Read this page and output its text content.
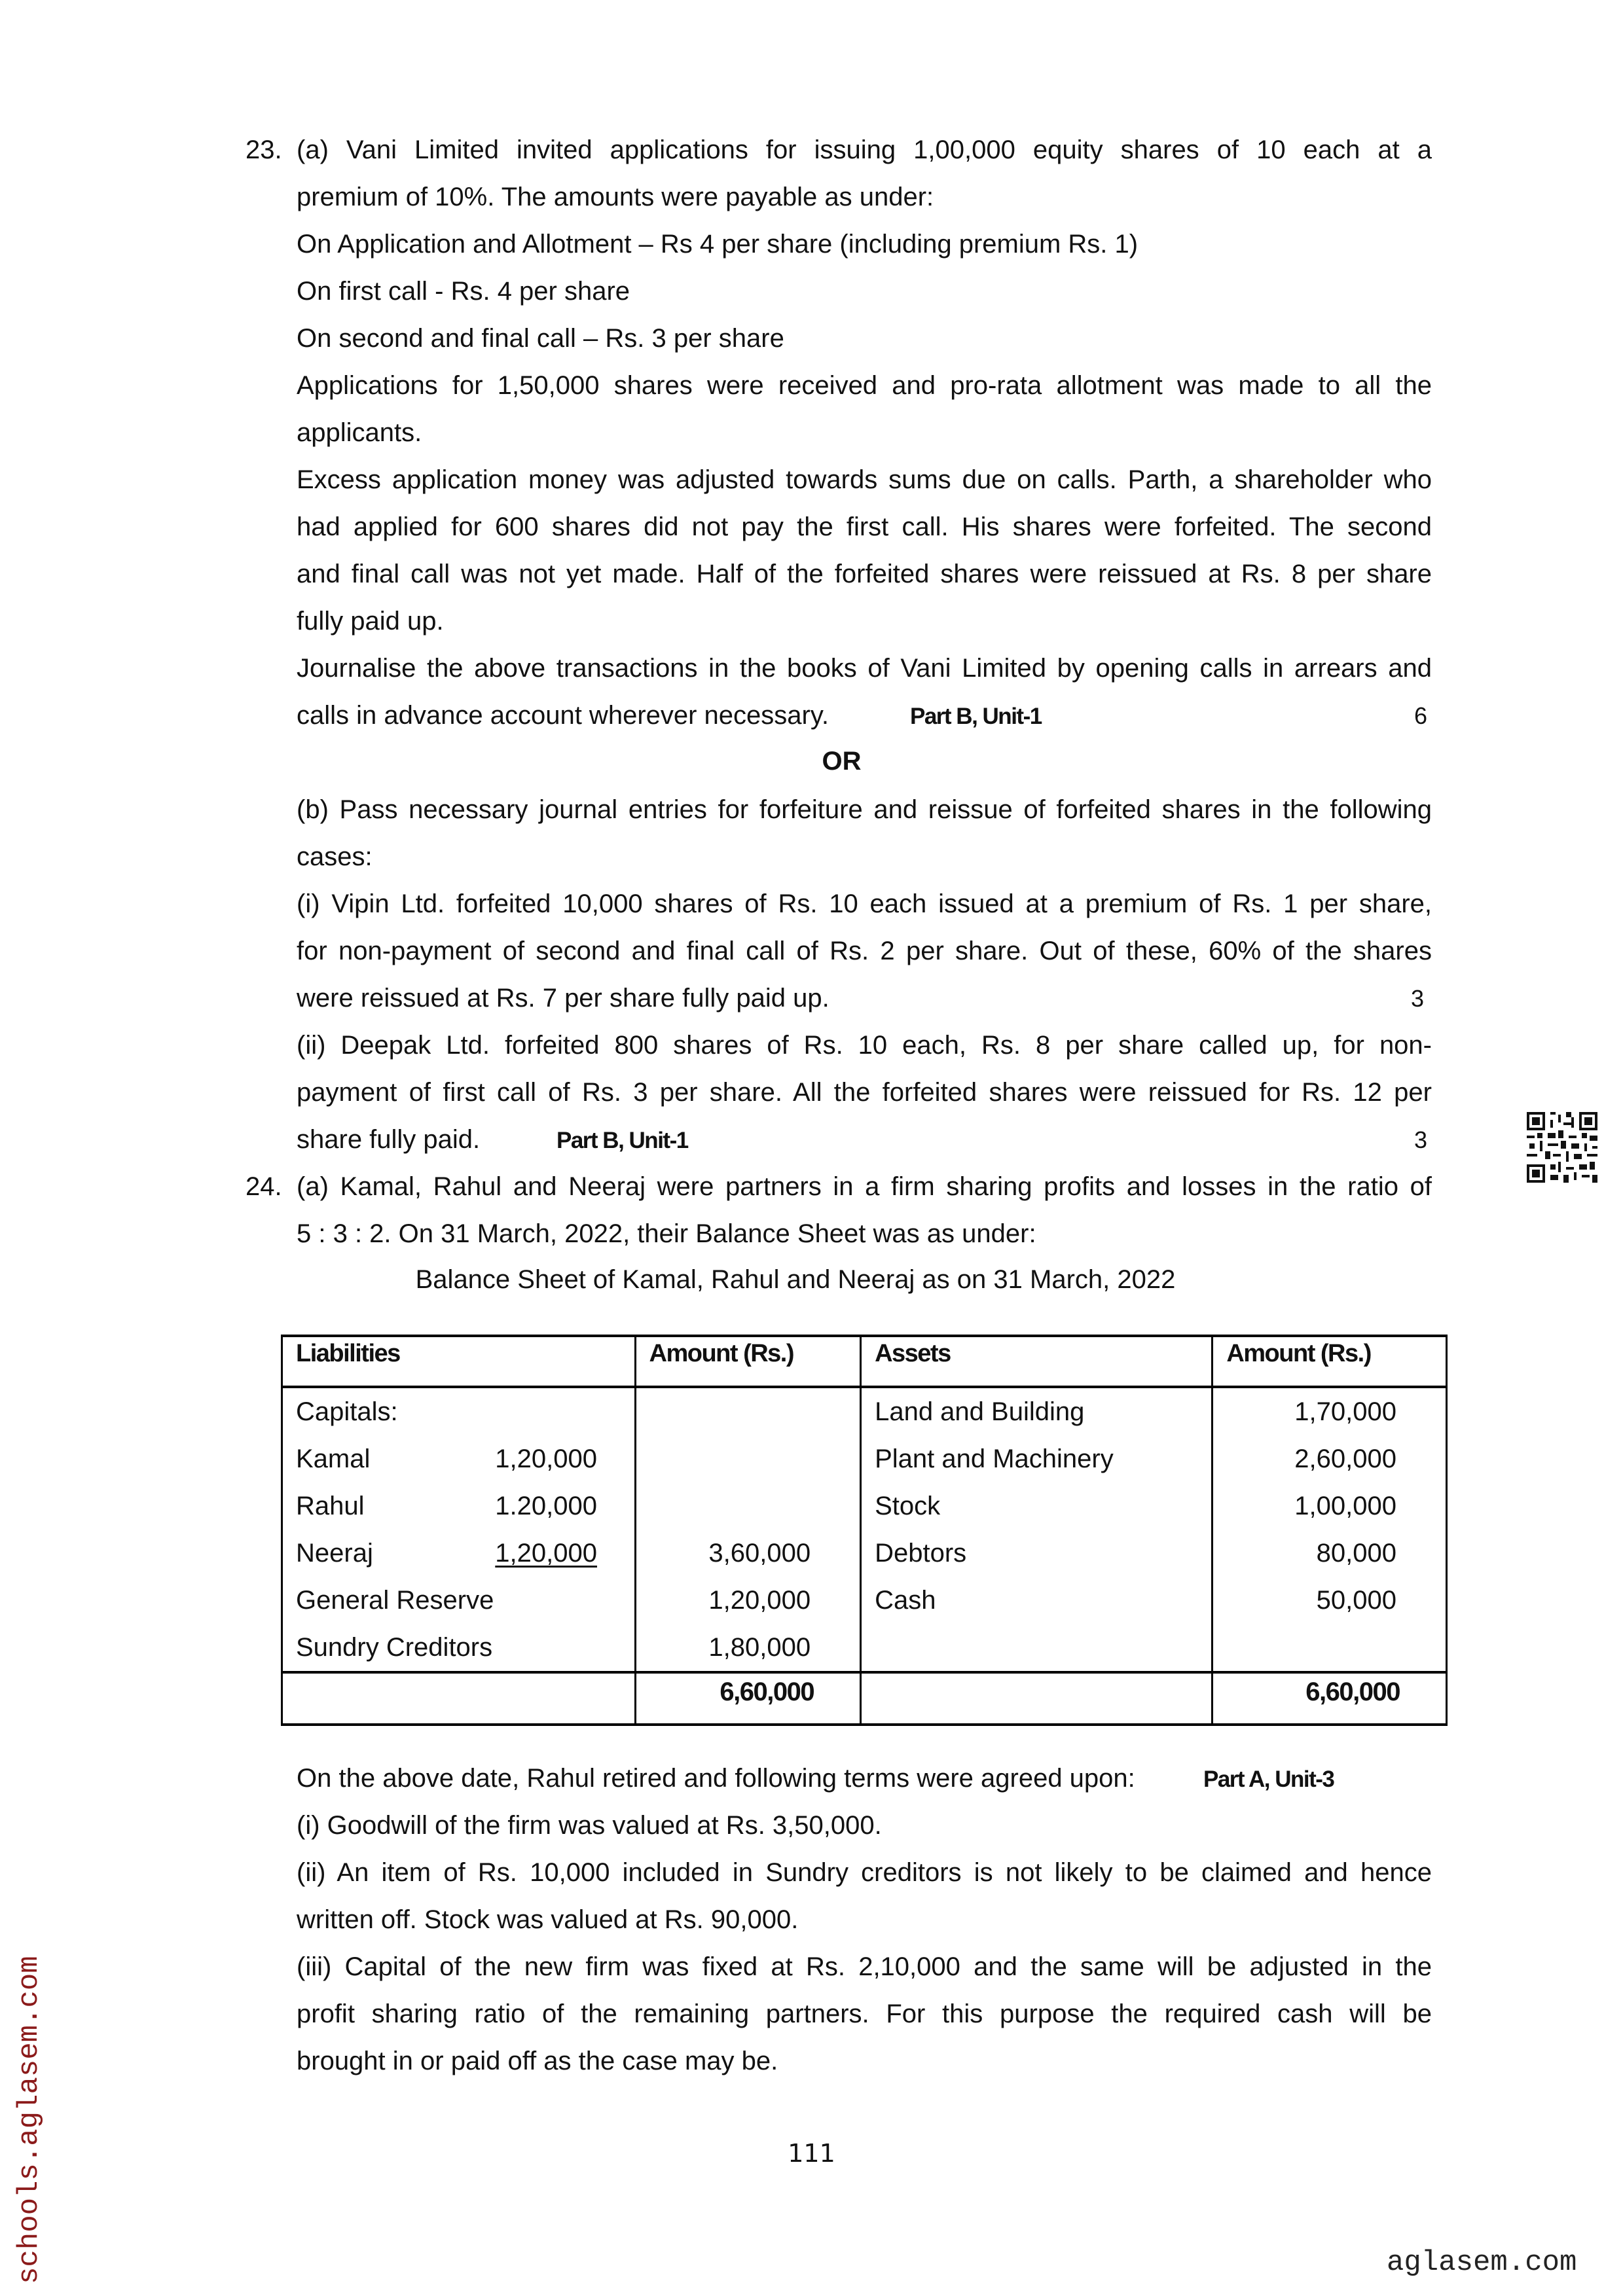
23. (a) Vani Limited invited applications for issuing 1,00,000 equity shares of 10 each at a
premium of 10%. The amounts were payable as under:
On Application and Allotment – Rs 4 per share (including premium Rs. 1)
On first call - Rs. 4 per share
On second and final call – Rs. 3 per share
Applications for 1,50,000 shares were received and pro-rata allotment was made to all the
applicants.
Excess application money was adjusted towards sums due on calls. Parth, a shareholder who
had applied for 600 shares did not pay the first call. His shares were forfeited. The second
and final call was not yet made. Half of the forfeited shares were reissued at Rs. 8 per share
fully paid up.
Journalise the above transactions in the books of Vani Limited by opening calls in arrears and
calls in advance account wherever necessary.	Part B, Unit-1	6
OR
(b) Pass necessary journal entries for forfeiture and reissue of forfeited shares in the following
cases:
(i) Vipin Ltd. forfeited 10,000 shares of Rs. 10 each issued at a premium of Rs. 1 per share,
for non-payment of second and final call of Rs. 2 per share. Out of these, 60% of the shares
were reissued at Rs. 7 per share fully paid up.	3
(ii) Deepak Ltd. forfeited 800 shares of Rs. 10 each, Rs. 8 per share called up, for non-
payment of first call of Rs. 3 per share. All the forfeited shares were reissued for Rs. 12 per
share fully paid.	Part B, Unit-1	3
24. (a) Kamal, Rahul and Neeraj were partners in a firm sharing profits and losses in the ratio of
5 : 3 : 2. On 31 March, 2022, their Balance Sheet was as under:
Balance Sheet of Kamal, Rahul and Neeraj as on 31 March, 2022
Liabilities	Amount (Rs.)	Assets	Amount (Rs.)
Capitals:		Land and Building	1,70,000
Kamal 1,20,000		Plant and Machinery	2,60,000
Rahul 1.20,000		Stock	1,00,000
Neeraj 1,20,000	3,60,000	Debtors	80,000
General Reserve	1,20,000	Cash	50,000
Sundry Creditors	1,80,000		
	6,60,000		6,60,000
On the above date, Rahul retired and following terms were agreed upon:	Part A, Unit-3
(i) Goodwill of the firm was valued at Rs. 3,50,000.
(ii) An item of Rs. 10,000 included in Sundry creditors is not likely to be claimed and hence
written off. Stock was valued at Rs. 90,000.
(iii) Capital of the new firm was fixed at Rs. 2,10,000 and the same will be adjusted in the
profit sharing ratio of the remaining partners. For this purpose the required cash will be
brought in or paid off as the case may be.
111
schools.aglasem.com	aglasem.com
